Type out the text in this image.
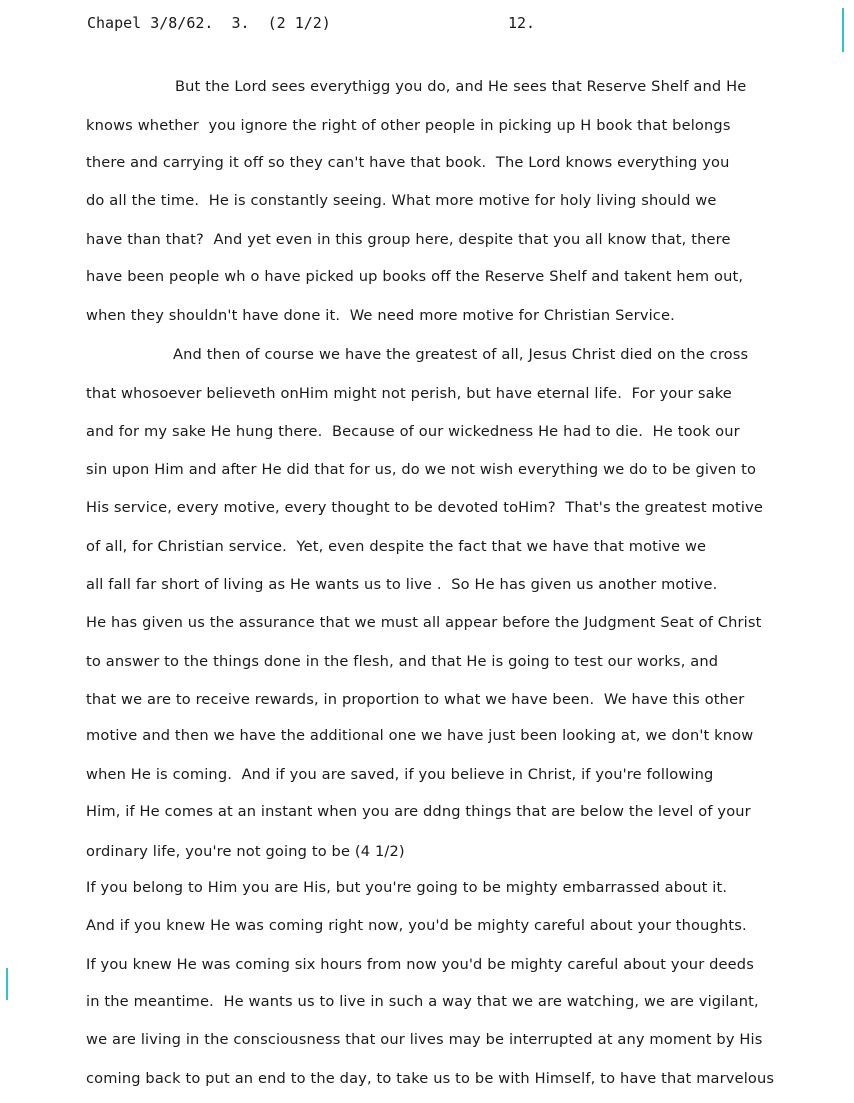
Chapel 3/8/62.  3.  (2 1/2)	12.
But the Lord sees everythigg you do, and He sees that Reserve Shelf and He
knows whether  you ignore the right of other people in picking up H book that belongs
there and carrying it off so they can't have that book.  The Lord knows everything you
do all the time.  He is constantly seeing. What more motive for holy living should we
have than that?  And yet even in this group here, despite that you all know that, there
have been people wh o have picked up books off the Reserve Shelf and takent hem out,
when they shouldn't have done it.  We need more motive for Christian Service.
And then of course we have the greatest of all, Jesus Christ died on the cross
that whosoever believeth onHim might not perish, but have eternal life.  For your sake
and for my sake He hung there.  Because of our wickedness He had to die.  He took our
sin upon Him and after He did that for us, do we not wish everything we do to be given to
His service, every motive, every thought to be devoted toHim?  That's the greatest motive
of all, for Christian service.  Yet, even despite the fact that we have that motive we
all fall far short of living as He wants us to live .  So He has given us another motive.
He has given us the assurance that we must all appear before the Judgment Seat of Christ
to answer to the things done in the flesh, and that He is going to test our works, and
that we are to receive rewards, in proportion to what we have been.  We have this other
motive and then we have the additional one we have just been looking at, we don't know
when He is coming.  And if you are saved, if you believe in Christ, if you're following
Him, if He comes at an instant when you are ddng things that are below the level of your
ordinary life, you're not going to be (4 1/2)
If you belong to Him you are His, but you're going to be mighty embarrassed about it.
And if you knew He was coming right now, you'd be mighty careful about your thoughts.
If you knew He was coming six hours from now you'd be mighty careful about your deeds
in the meantime.  He wants us to live in such a way that we are watching, we are vigilant,
we are living in the consciousness that our lives may be interrupted at any moment by His
coming back to put an end to the day, to take us to be with Himself, to have that marvelous
